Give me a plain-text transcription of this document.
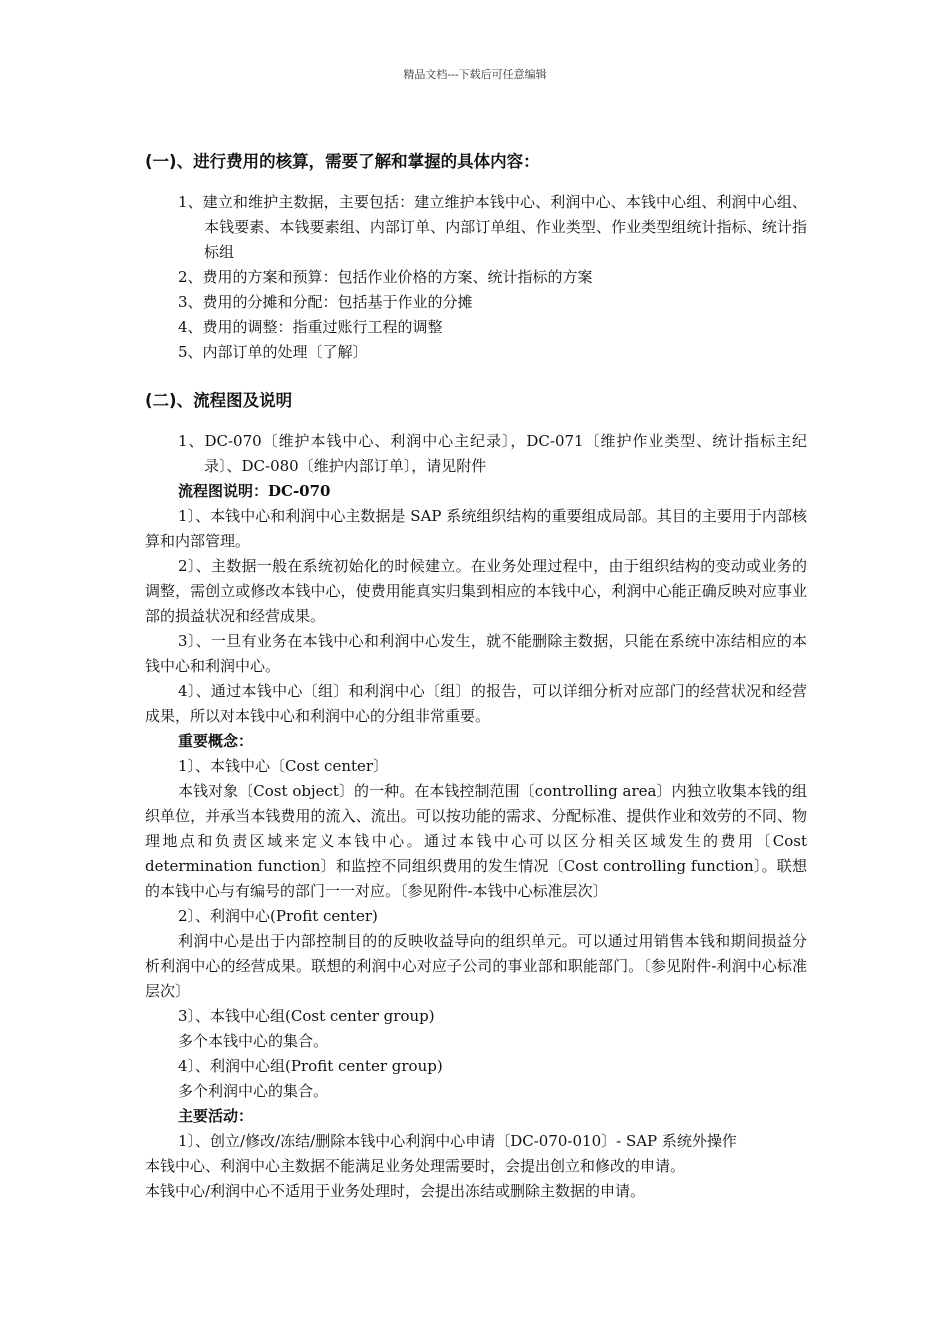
精品文档---下载后可任意编辑
(一)、进行费用的核算，需要了解和掌握的具体内容：
1、建立和维护主数据，主要包括：建立维护本钱中心、利润中心、本钱中心组、利润中心组、本钱要素、本钱要素组、内部订单、内部订单组、作业类型、作业类型组统计指标、统计指标组
2、费用的方案和预算：包括作业价格的方案、统计指标的方案
3、费用的分摊和分配：包括基于作业的分摊
4、费用的调整：指重过账行工程的调整
5、内部订单的处理〔了解〕
(二)、流程图及说明
1、DC-070〔维护本钱中心、利润中心主纪录〕，DC-071〔维护作业类型、统计指标主纪录〕、DC-080〔维护内部订单〕，请见附件
流程图说明：DC-070
1〕、本钱中心和利润中心主数据是 SAP 系统组织结构的重要组成局部。其目的主要用于内部核算和内部管理。
2〕、主数据一般在系统初始化的时候建立。在业务处理过程中，由于组织结构的变动或业务的调整，需创立或修改本钱中心，使费用能真实归集到相应的本钱中心，利润中心能正确反映对应事业部的损益状况和经营成果。
3〕、一旦有业务在本钱中心和利润中心发生，就不能删除主数据，只能在系统中冻结相应的本钱中心和利润中心。
4〕、通过本钱中心〔组〕和利润中心〔组〕的报告，可以详细分析对应部门的经营状况和经营成果，所以对本钱中心和利润中心的分组非常重要。
重要概念：
1〕、本钱中心〔Cost center〕
本钱对象〔Cost object〕的一种。在本钱控制范围〔controlling area〕内独立收集本钱的组织单位，并承当本钱费用的流入、流出。可以按功能的需求、分配标准、提供作业和效劳的不同、物理地点和负责区域来定义本钱中心。通过本钱中心可以区分相关区域发生的费用〔Cost determination function〕和监控不同组织费用的发生情况〔Cost controlling function〕。联想的本钱中心与有编号的部门一一对应。〔参见附件-本钱中心标准层次〕
2〕、利润中心(Profit center)
利润中心是出于内部控制目的的反映收益导向的组织单元。可以通过用销售本钱和期间损益分析利润中心的经营成果。联想的利润中心对应子公司的事业部和职能部门。〔参见附件-利润中心标准层次〕
3〕、本钱中心组(Cost center group)
多个本钱中心的集合。
4〕、利润中心组(Profit center group)
多个利润中心的集合。
主要活动：
1〕、创立/修改/冻结/删除本钱中心利润中心申请〔DC-070-010〕- SAP 系统外操作
本钱中心、利润中心主数据不能满足业务处理需要时，会提出创立和修改的申请。
本钱中心/利润中心不适用于业务处理时，会提出冻结或删除主数据的申请。
